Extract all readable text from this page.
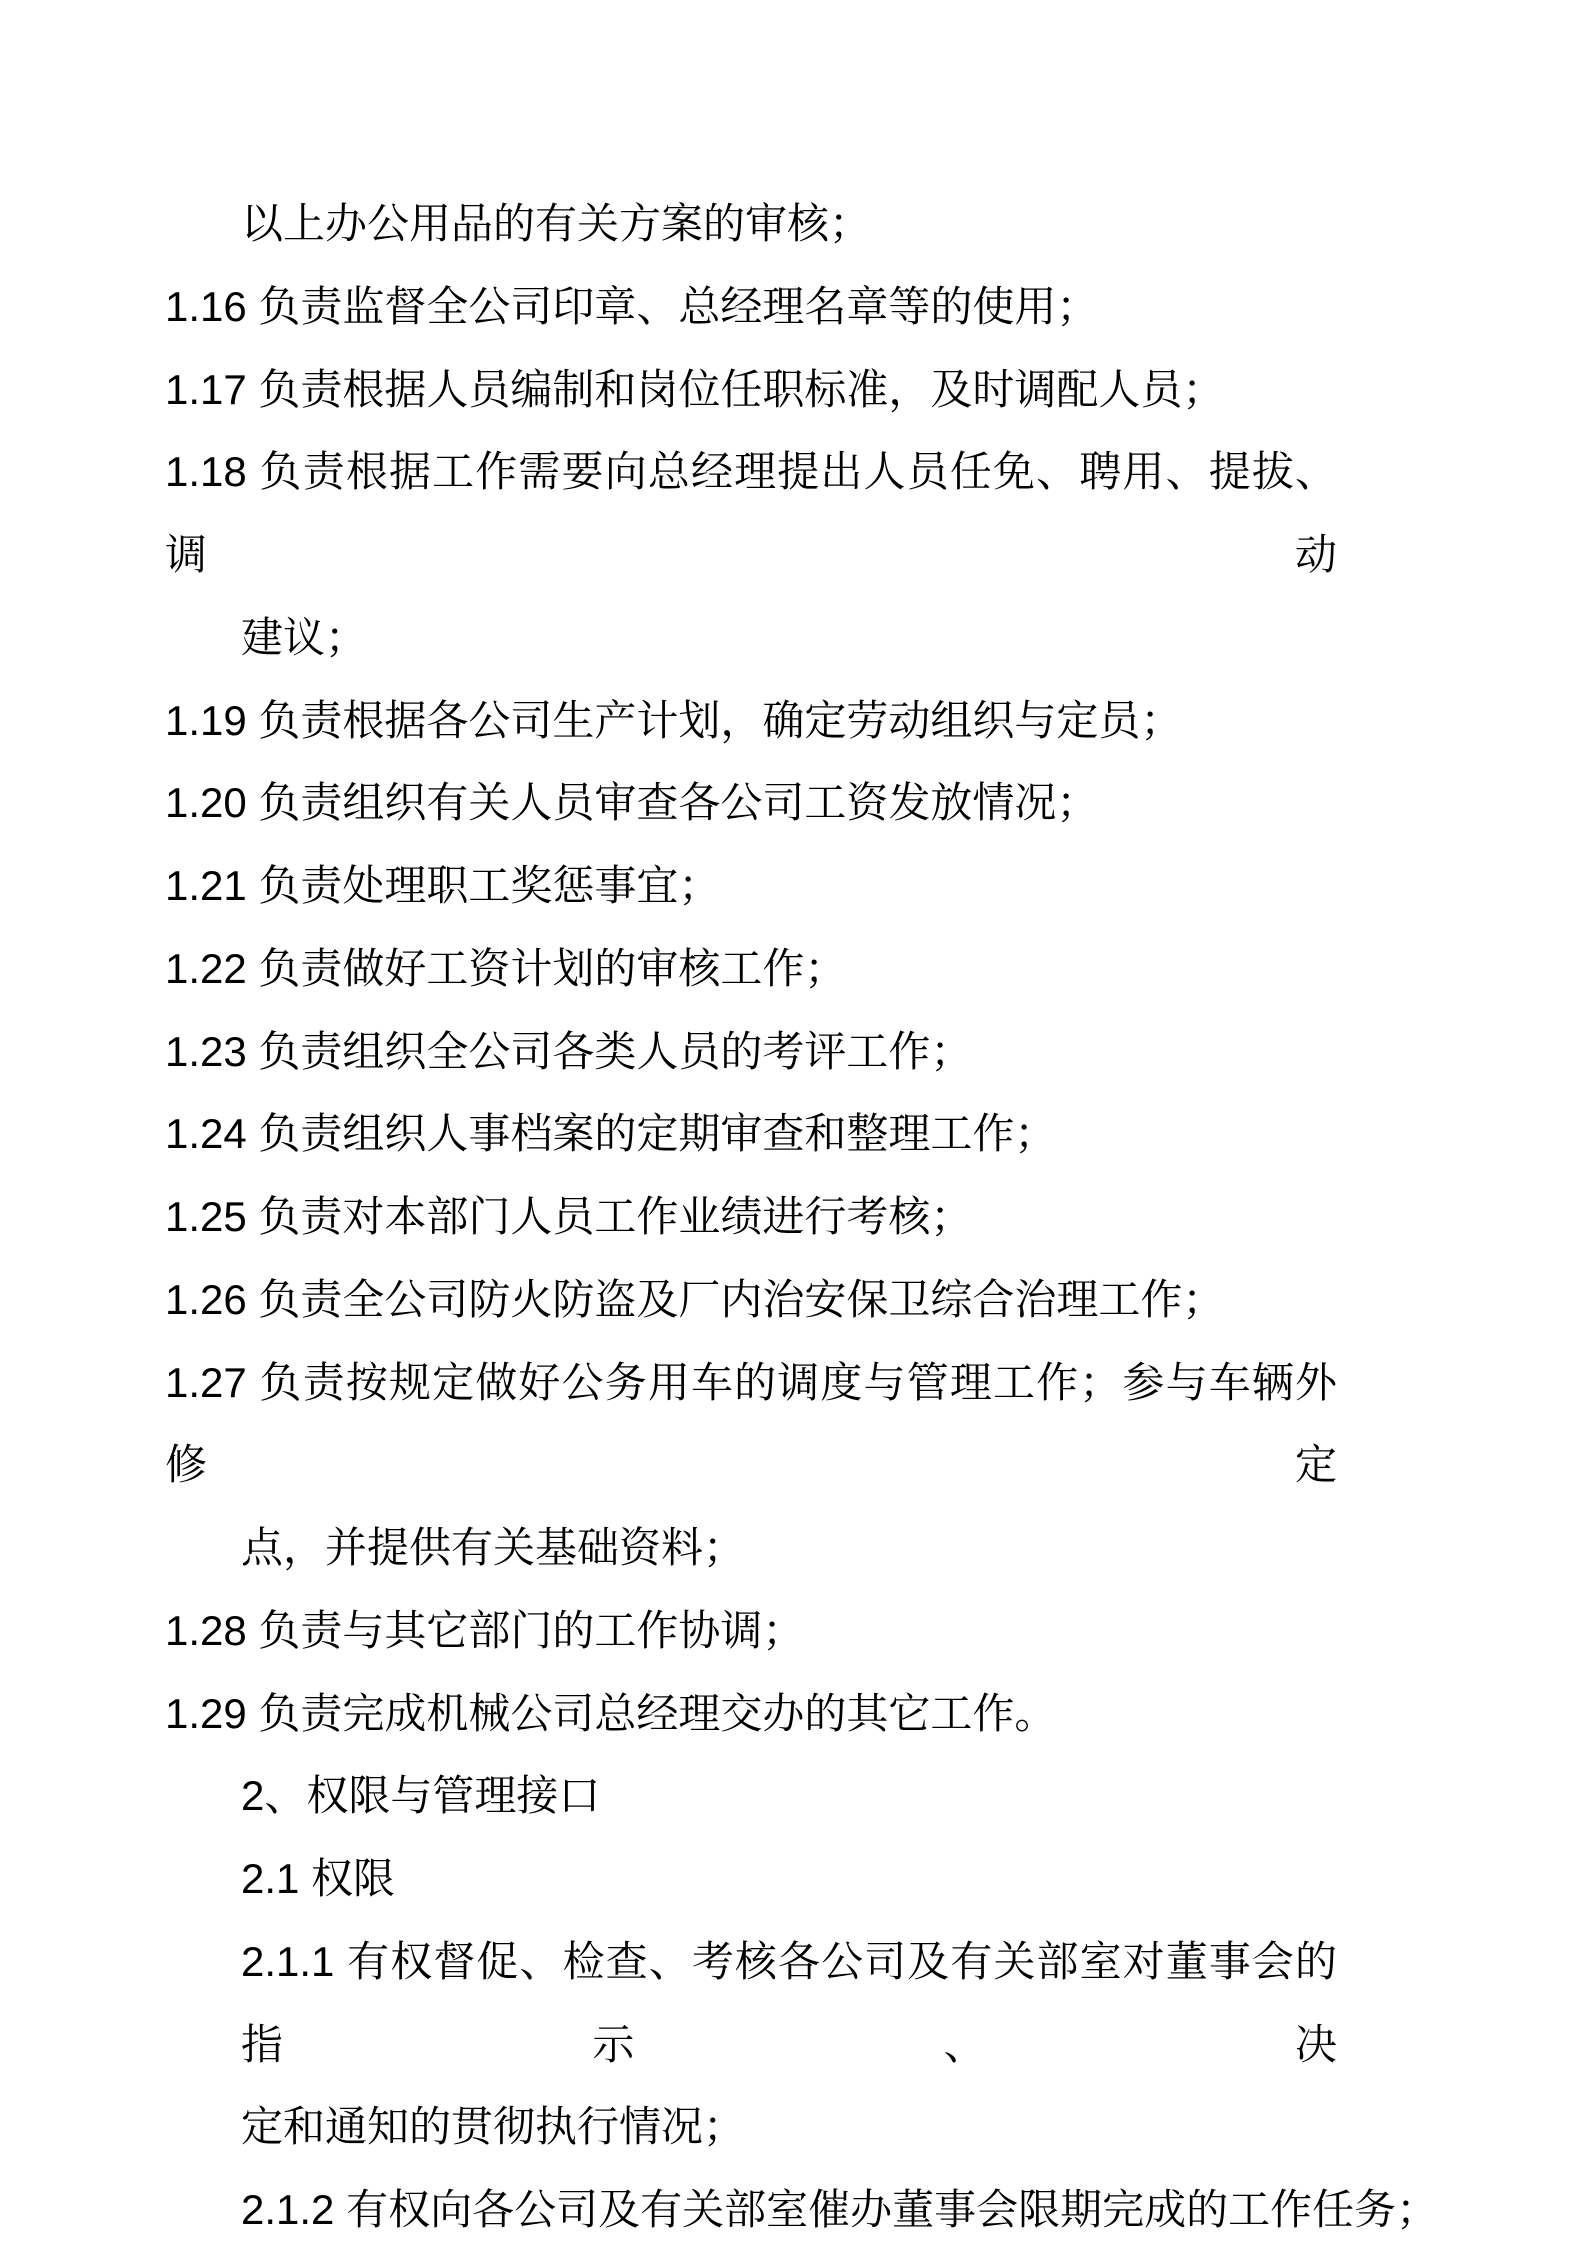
以上办公用品的有关方案的审核；
1.16 负责监督全公司印章、总经理名章等的使用；
1.17 负责根据人员编制和岗位任职标准，及时调配人员；
1.18 负责根据工作需要向总经理提出人员任免、聘用、提拔、调动
建议；
1.19 负责根据各公司生产计划，确定劳动组织与定员；
1.20 负责组织有关人员审查各公司工资发放情况；
1.21 负责处理职工奖惩事宜；
1.22 负责做好工资计划的审核工作；
1.23 负责组织全公司各类人员的考评工作；
1.24 负责组织人事档案的定期审查和整理工作；
1.25 负责对本部门人员工作业绩进行考核；
1.26 负责全公司防火防盗及厂内治安保卫综合治理工作；
1.27 负责按规定做好公务用车的调度与管理工作；参与车辆外修定
点，并提供有关基础资料；
1.28 负责与其它部门的工作协调；
1.29 负责完成机械公司总经理交办的其它工作。
2、权限与管理接口
2.1 权限
2.1.1 有权督促、检查、考核各公司及有关部室对董事会的指示、决
定和通知的贯彻执行情况；
2.1.2 有权向各公司及有关部室催办董事会限期完成的工作任务；
